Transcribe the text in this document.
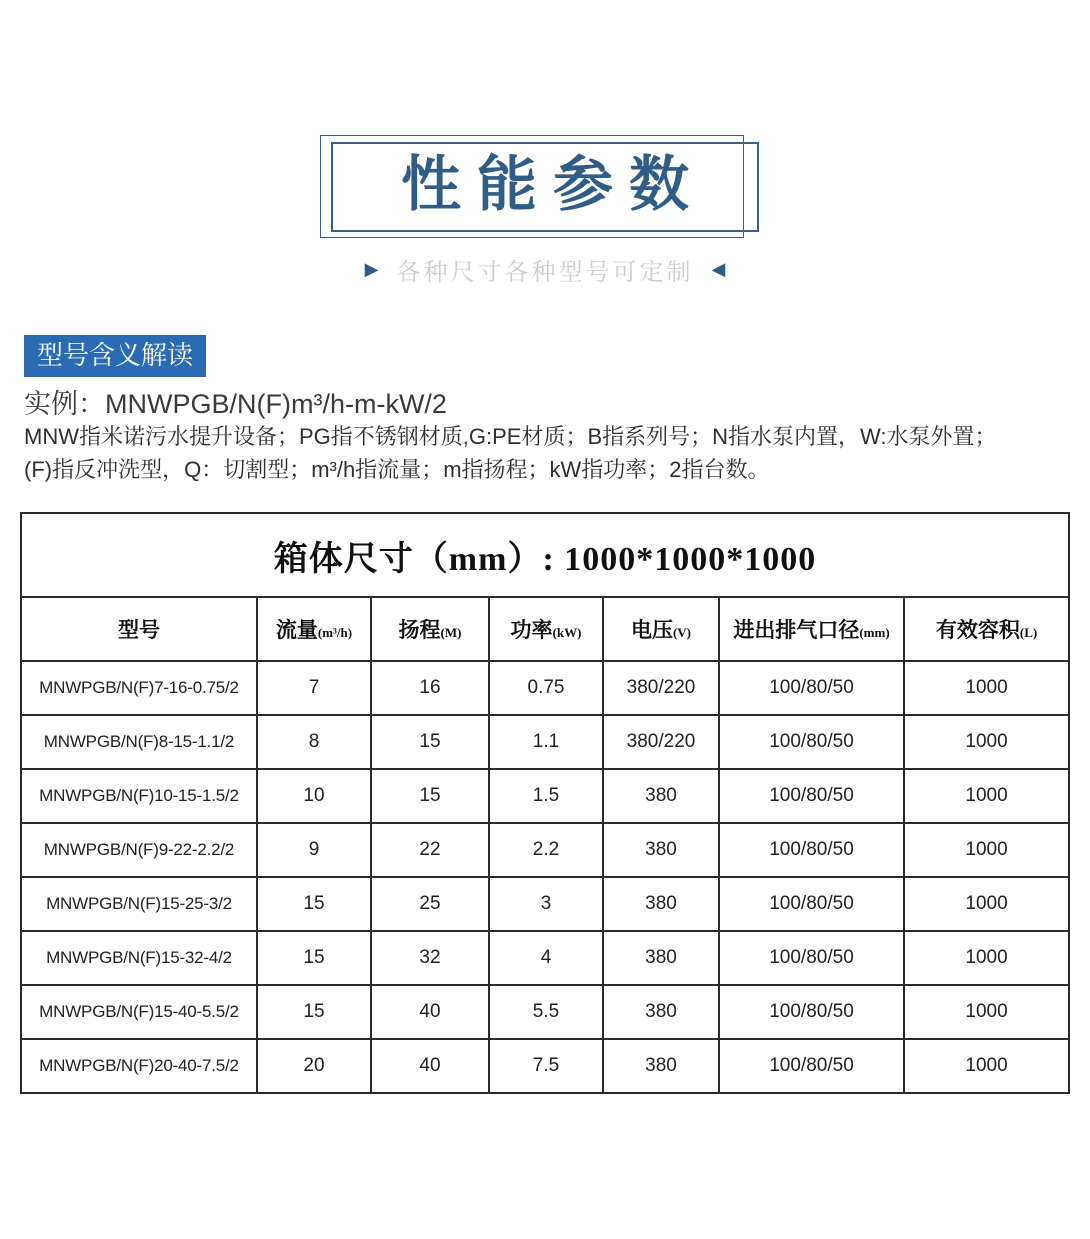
性能参数
▶ 各种尺寸各种型号可定制 ◀
型号含义解读

实例：MNWPGB/N(F)m³/h-m-kW/2

MNW指米诺污水提升设备；PG指不锈钢材质,G:PE材质；B指系列号；N指水泵内置，W:水泵外置；

(F)指反冲洗型，Q：切割型；m³/h指流量；m指扬程；kW指功率；2指台数。

箱体尺寸（mm）: 1000*1000*1000						
型号	流量(m³/h)	扬程(M)	功率(kW)	电压(V)	进出排气口径(mm)	有效容积(L)
MNWPGB/N(F)7-16-0.75/2	7	16	0.75	380/220	100/80/50	1000
MNWPGB/N(F)8-15-1.1/2	8	15	1.1	380/220	100/80/50	1000
MNWPGB/N(F)10-15-1.5/2	10	15	1.5	380	100/80/50	1000
MNWPGB/N(F)9-22-2.2/2	9	22	2.2	380	100/80/50	1000
MNWPGB/N(F)15-25-3/2	15	25	3	380	100/80/50	1000
MNWPGB/N(F)15-32-4/2	15	32	4	380	100/80/50	1000
MNWPGB/N(F)15-40-5.5/2	15	40	5.5	380	100/80/50	1000
MNWPGB/N(F)20-40-7.5/2	20	40	7.5	380	100/80/50	1000
